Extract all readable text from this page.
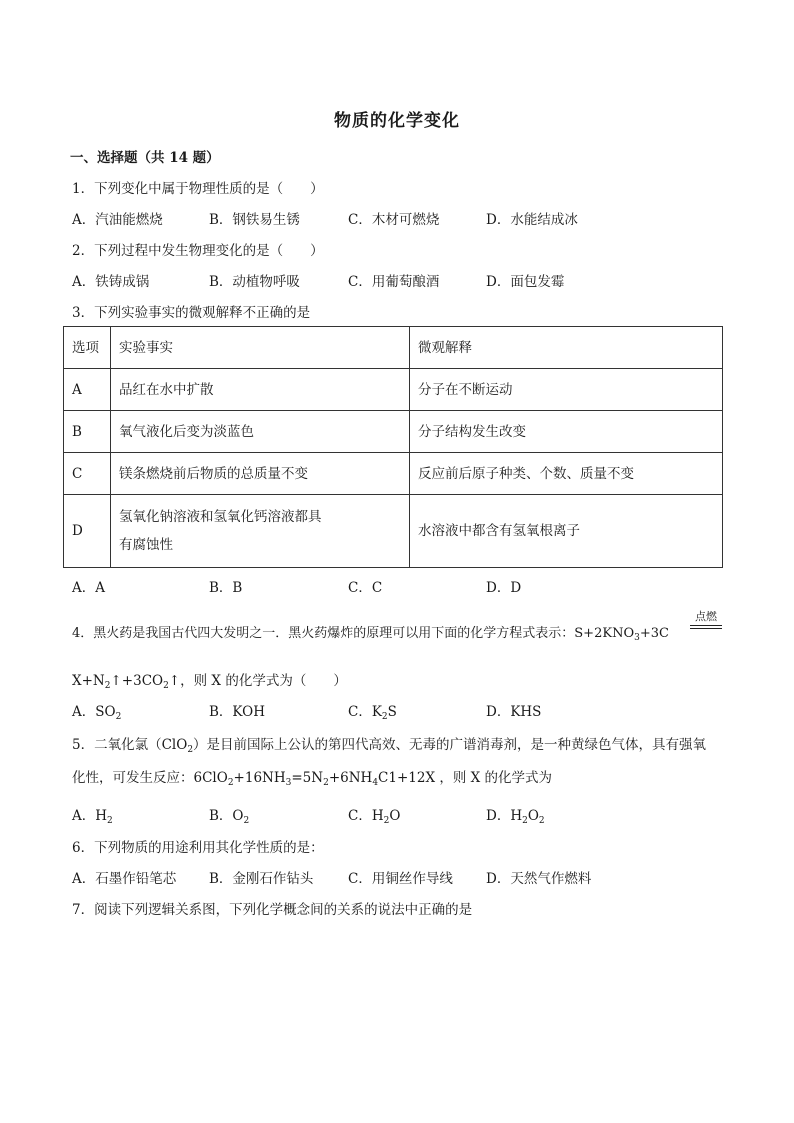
物质的化学变化
一、选择题（共 14 题）
1．下列变化中属于物理性质的是（　　）
A．汽油能燃烧	B．钢铁易生锈	C．木材可燃烧	D．水能结成冰
2．下列过程中发生物理变化的是（　　）
A．铁铸成锅	B．动植物呼吸	C．用葡萄酿酒	D．面包发霉
3．下列实验事实的微观解释不正确的是
选项	实验事实	微观解释
A	品红在水中扩散	分子在不断运动
B	氧气液化后变为淡蓝色	分子结构发生改变
C	镁条燃烧前后物质的总质量不变	反应前后原子种类、个数、质量不变
D	氢氧化钠溶液和氢氧化钙溶液都具
有腐蚀性	水溶液中都含有氢氧根离子
A．A	B．B	C．C	D．D
4．黑火药是我国古代四大发明之一．黑火药爆炸的原理可以用下面的化学方程式表示：$S+2KNO_3+3C$
点燃
$X+N_2↑+3CO_2↑$，则 X 的化学式为（　　）
A．$SO_2$	B．KOH	C．$K_2S$	D．KHS
5．二氧化氯（ClO$_2$）是目前国际上公认的第四代高效、无毒的广谱消毒剂，是一种黄绿色气体，具有强氧
化性，可发生反应：$6ClO_2+16NH_3=5N_2+6NH_4C1+12X$ ，则 X 的化学式为
A．$H_2$	B．$O_2$	C．$H_2O$	D．$H_2O_2$
6．下列物质的用途利用其化学性质的是：
A．石墨作铅笔芯 B．金刚石作钻头	C．用铜丝作导线 D．天然气作燃料
7．阅读下列逻辑关系图，下列化学概念间的关系的说法中正确的是
